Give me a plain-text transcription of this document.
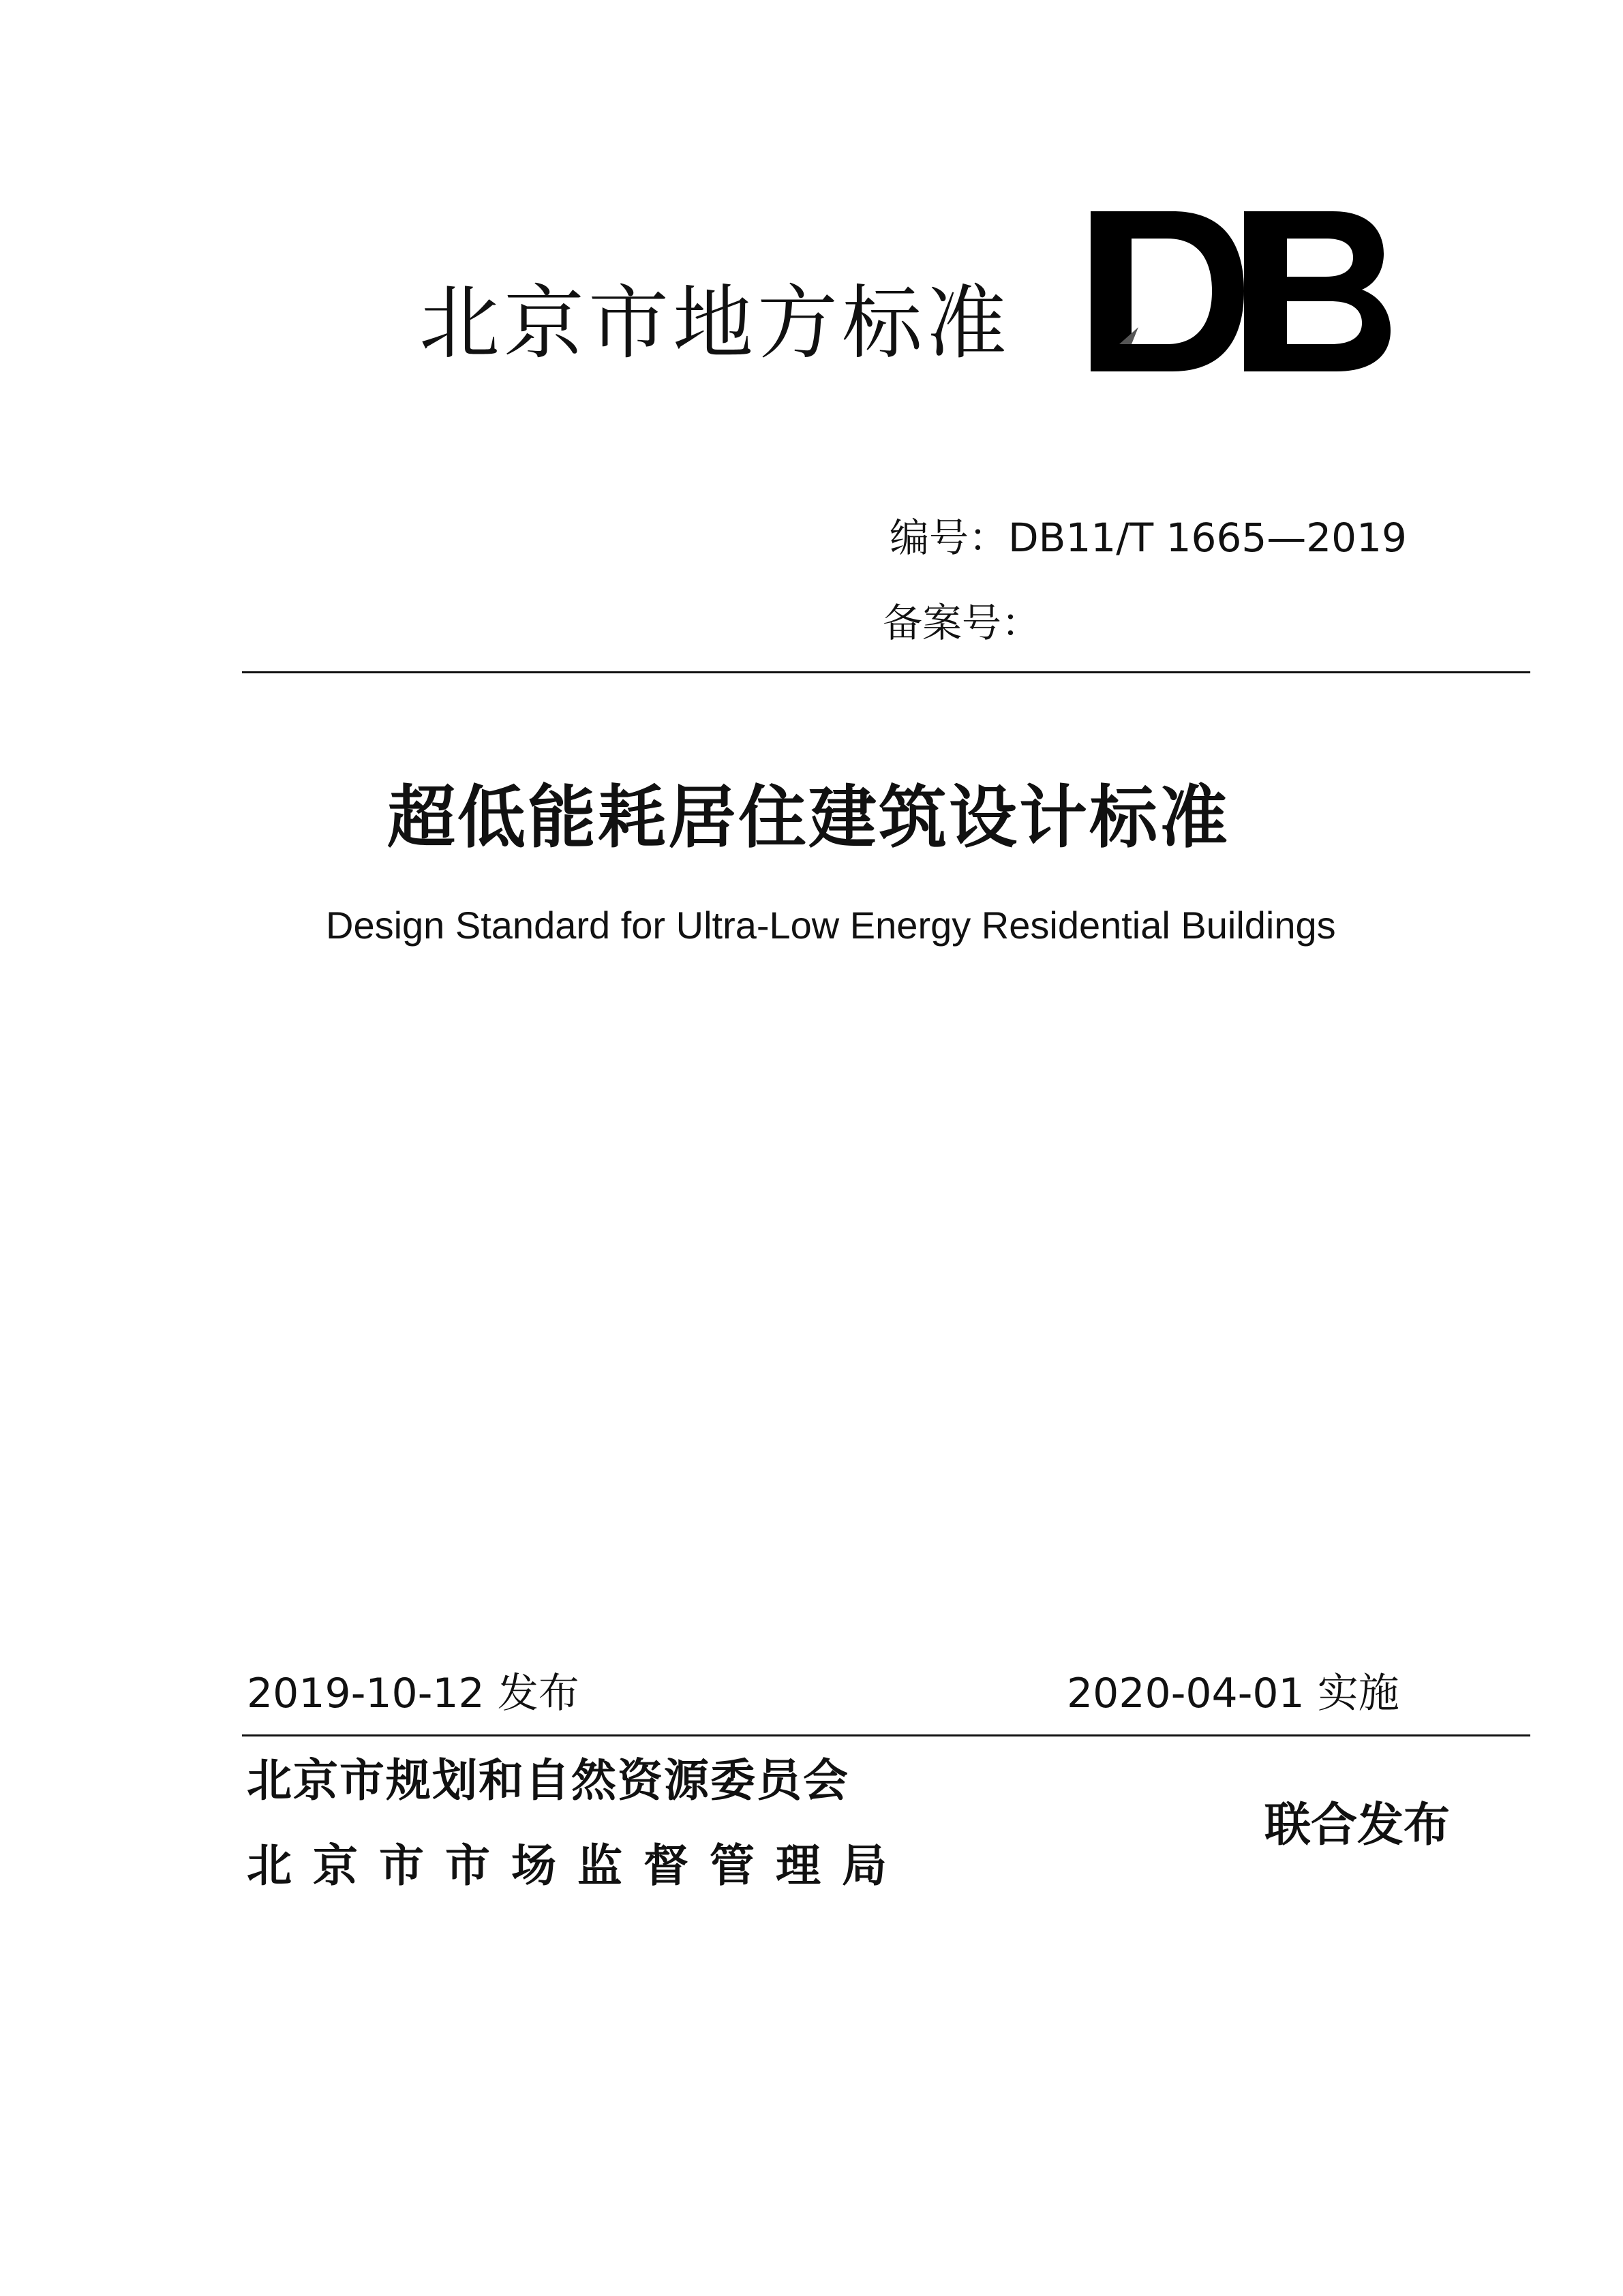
北京市地方标准
编号：DB11/T 1665—2019
备案号：
超低能耗居住建筑设计标准
Design Standard for Ultra-Low Energy Residential Buildings
2019-10-12 发布	2020-04-01 实施
北京市规划和自然资源委员会
北京市市场监督管理局
联合发布
